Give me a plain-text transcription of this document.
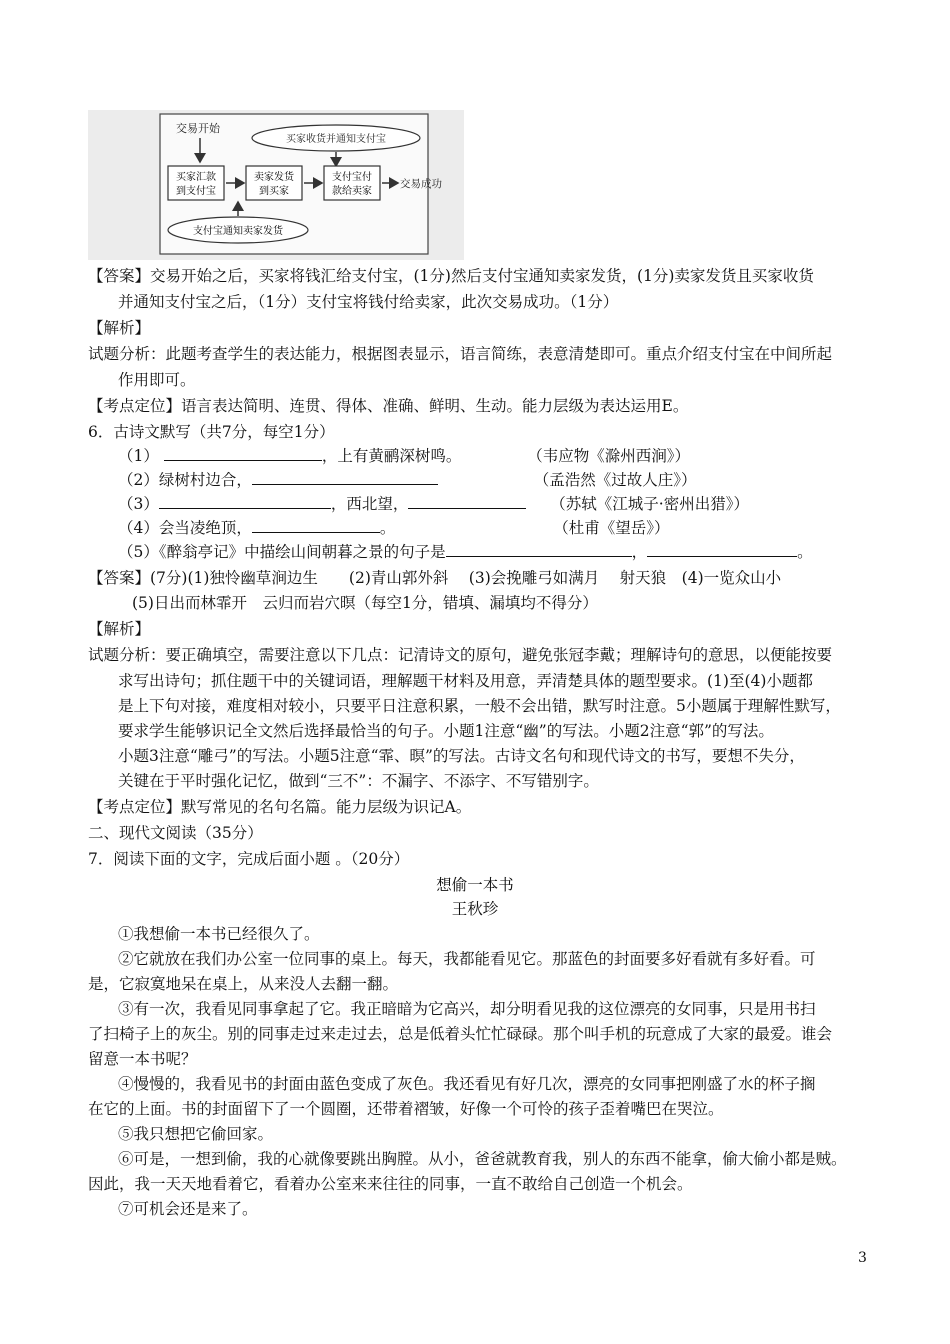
交易开始
买家收货并通知支付宝
买家汇款
到支付宝
卖家发货
到买家
支付宝付
款给卖家
交易成功
支付宝通知卖家发货
【答案】交易开始之后，买家将钱汇给支付宝，(1分)然后支付宝通知卖家发货，(1分)卖家发货且买家收货
并通知支付宝之后，（1分）支付宝将钱付给卖家，此次交易成功。（1分）
【解析】
试题分析：此题考查学生的表达能力，根据图表显示，语言简练，表意清楚即可。重点介绍支付宝在中间所起
作用即可。
【考点定位】语言表达简明、连贯、得体、准确、鲜明、生动。能力层级为表达运用E。
6．古诗文默写（共7分，每空1分）
（1）	，上有黄鹂深树鸣。	（韦应物《滁州西涧》）
（2）绿树村边合，	（孟浩然《过故人庄》）
（3）	，西北望，	（苏轼《江城子·密州出猎》）
（4）会当凌绝顶，	。	（杜甫《望岳》）
（5）《醉翁亭记》中描绘山间朝暮之景的句子是	，	。
【答案】(7分)(1)独怜幽草涧边生　　(2)青山郭外斜　 (3)会挽雕弓如满月　 射天狼　(4)一览众山小
(5)日出而林霏开　云归而岩穴暝（每空1分，错填、漏填均不得分）
【解析】
试题分析：要正确填空，需要注意以下几点：记清诗文的原句，避免张冠李戴；理解诗句的意思，以便能按要
求写出诗句；抓住题干中的关键词语，理解题干材料及用意，弄清楚具体的题型要求。(1)至(4)小题都
是上下句对接，难度相对较小，只要平日注意积累，一般不会出错，默写时注意。5小题属于理解性默写，
要求学生能够识记全文然后选择最恰当的句子。小题1注意“幽”的写法。小题2注意“郭”的写法。
小题3注意“雕弓”的写法。小题5注意“霏、暝”的写法。古诗文名句和现代诗文的书写，要想不失分，
关键在于平时强化记忆，做到“三不”：不漏字、不添字、不写错别字。
【考点定位】默写常见的名句名篇。能力层级为识记A。
二、现代文阅读（35分）
7．阅读下面的文字，完成后面小题 。（20分）
想偷一本书
王秋珍
①我想偷一本书已经很久了。
②它就放在我们办公室一位同事的桌上。每天，我都能看见它。那蓝色的封面要多好看就有多好看。可
是，它寂寞地呆在桌上，从来没人去翻一翻。
③有一次，我看见同事拿起了它。我正暗暗为它高兴，却分明看见我的这位漂亮的女同事，只是用书扫
了扫椅子上的灰尘。别的同事走过来走过去，总是低着头忙忙碌碌。那个叫手机的玩意成了大家的最爱。谁会
留意一本书呢？
④慢慢的，我看见书的封面由蓝色变成了灰色。我还看见有好几次，漂亮的女同事把刚盛了水的杯子搁
在它的上面。书的封面留下了一个圆圈，还带着褶皱，好像一个可怜的孩子歪着嘴巴在哭泣。
⑤我只想把它偷回家。
⑥可是，一想到偷，我的心就像要跳出胸膛。从小，爸爸就教育我，别人的东西不能拿，偷大偷小都是贼。
因此，我一天天地看着它，看着办公室来来往往的同事，一直不敢给自己创造一个机会。
⑦可机会还是来了。
3
